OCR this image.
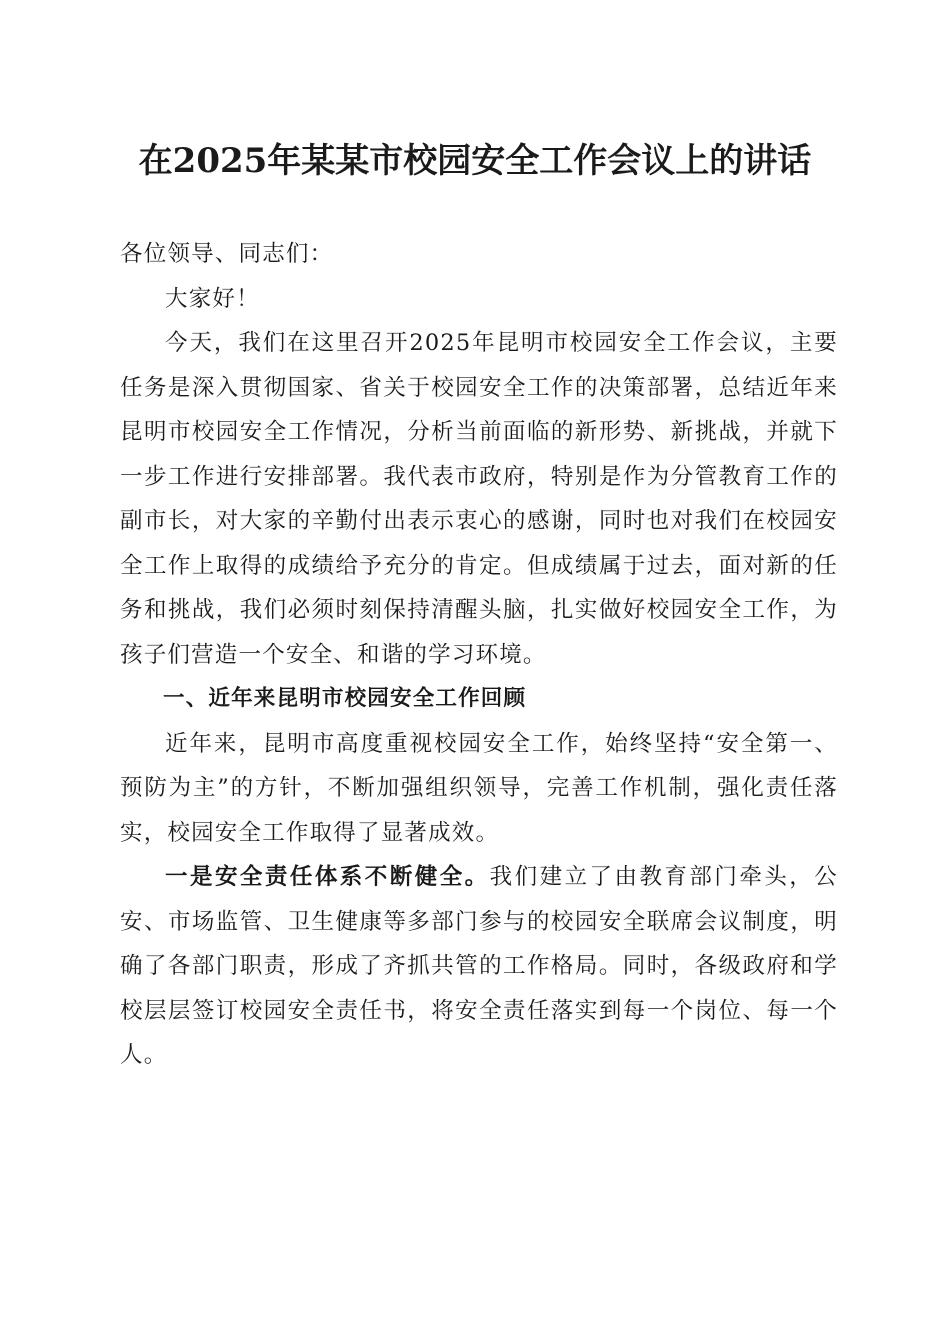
在2025年某某市校园安全工作会议上的讲话

各位领导、同志们：

大家好！

今天，我们在这里召开2025年昆明市校园安全工作会议，主要任务是深入贯彻国家、省关于校园安全工作的决策部署，总结近年来昆明市校园安全工作情况，分析当前面临的新形势、新挑战，并就下一步工作进行安排部署。我代表市政府，特别是作为分管教育工作的副市长，对大家的辛勤付出表示衷心的感谢，同时也对我们在校园安全工作上取得的成绩给予充分的肯定。但成绩属于过去，面对新的任务和挑战，我们必须时刻保持清醒头脑，扎实做好校园安全工作，为孩子们营造一个安全、和谐的学习环境。

一、近年来昆明市校园安全工作回顾

近年来，昆明市高度重视校园安全工作，始终坚持“安全第一、预防为主”的方针，不断加强组织领导，完善工作机制，强化责任落实，校园安全工作取得了显著成效。

一是安全责任体系不断健全。我们建立了由教育部门牵头，公安、市场监管、卫生健康等多部门参与的校园安全联席会议制度，明确了各部门职责，形成了齐抓共管的工作格局。同时，各级政府和学校层层签订校园安全责任书，将安全责任落实到每一个岗位、每一个人。
